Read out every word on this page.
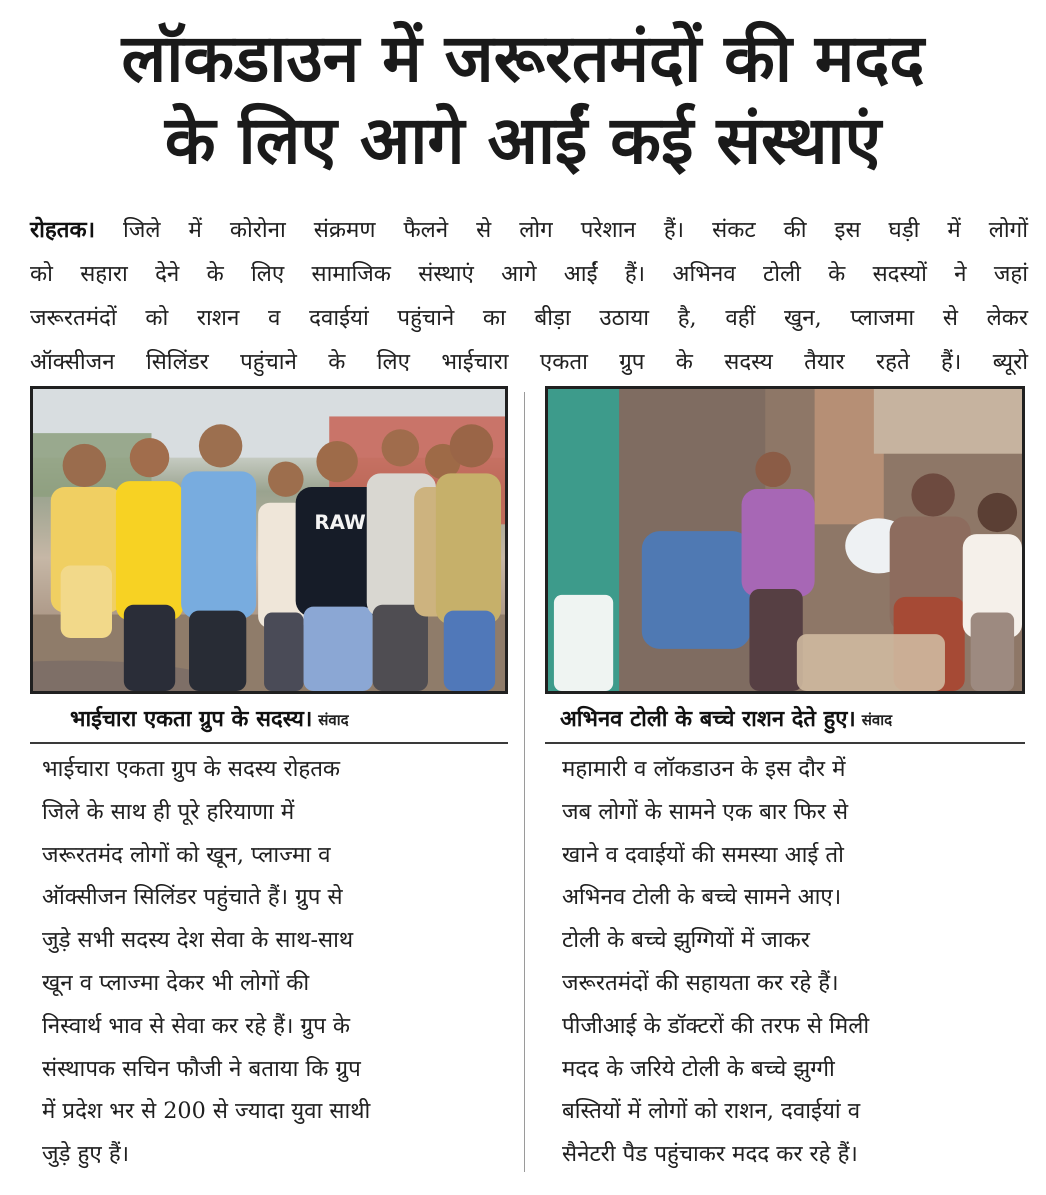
लॉकडाउन में जरूरतमंदों की मदद
के लिए आगे आईं कई संस्थाएं
रोहतक। जिले में कोरोना संक्रमण फैलने से लोग परेशान हैं। संकट की इस घड़ी में लोगों
को सहारा देने के लिए सामाजिक संस्थाएं आगे आईं हैं। अभिनव टोली के सदस्यों ने जहां
जरूरतमंदों को राशन व दवाईयां पहुंचाने का बीड़ा उठाया है, वहीं खुन, प्लाजमा से लेकर
ऑक्सीजन सिलिंडर पहुंचाने के लिए भाईचारा एकता ग्रुप के सदस्य तैयार रहते हैं। ब्यूरो
RAW
भाईचारा एकता ग्रुप के सदस्य। संवाद	अभिनव टोली के बच्चे राशन देते हुए। संवाद
भाईचारा एकता ग्रुप के सदस्य रोहतक
जिले के साथ ही पूरे हरियाणा में
जरूरतमंद लोगों को खून, प्लाज्मा व
ऑक्सीजन सिलिंडर पहुंचाते हैं। ग्रुप से
जुड़े सभी सदस्य देश सेवा के साथ-साथ
खून व प्लाज्मा देकर भी लोगों की
निस्वार्थ भाव से सेवा कर रहे हैं। ग्रुप के
संस्थापक सचिन फौजी ने बताया कि ग्रुप
में प्रदेश भर से 200 से ज्यादा युवा साथी
जुड़े हुए हैं।
महामारी व लॉकडाउन के इस दौर में
जब लोगों के सामने एक बार फिर से
खाने व दवाईयों की समस्या आई तो
अभिनव टोली के बच्चे सामने आए।
टोली के बच्चे झुग्गियों में जाकर
जरूरतमंदों की सहायता कर रहे हैं।
पीजीआई के डॉक्टरों की तरफ से मिली
मदद के जरिये टोली के बच्चे झुग्गी
बस्तियों में लोगों को राशन, दवाईयां व
सैनेटरी पैड पहुंचाकर मदद कर रहे हैं।
